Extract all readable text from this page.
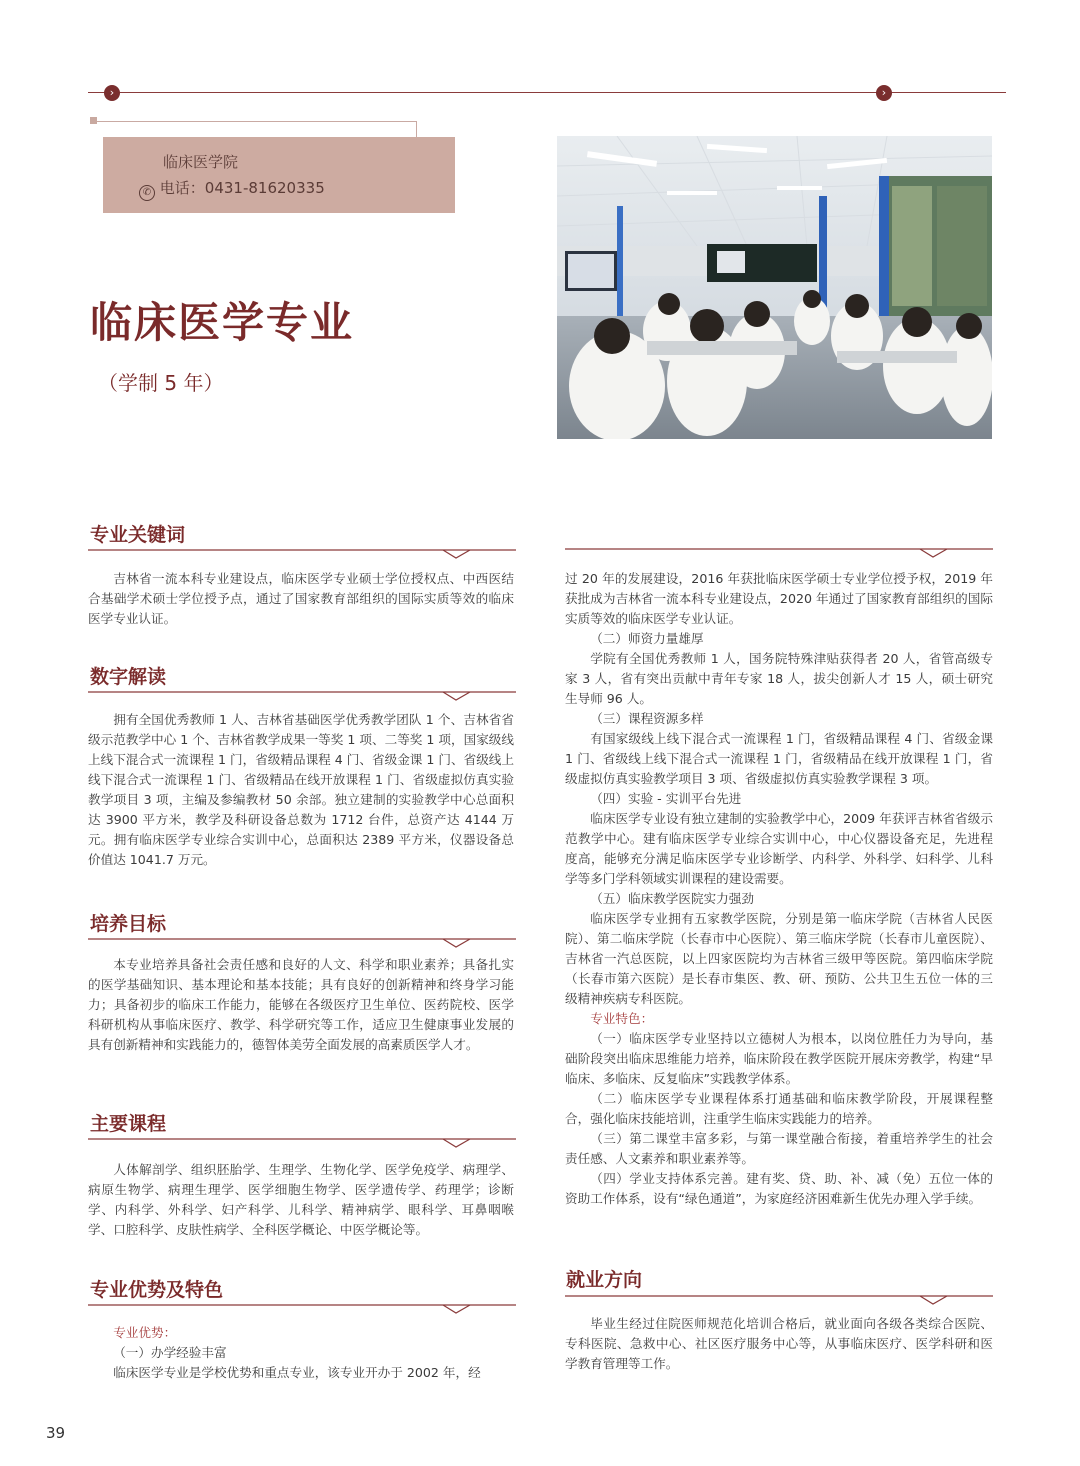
›	›
临床医学院
✆ 电话：0431-81620335
临床医学专业
（学制 5 年）
专业关键词

吉林省一流本科专业建设点，临床医学专业硕士学位授权点、中西医结合基础学术硕士学位授予点，通过了国家教育部组织的国际实质等效的临床医学专业认证。

数字解读

拥有全国优秀教师 1 人、吉林省基础医学优秀教学团队 1 个、吉林省省级示范教学中心 1 个、吉林省教学成果一等奖 1 项、二等奖 1 项，国家级线上线下混合式一流课程 1 门，省级精品课程 4 门、省级金课 1 门、省级线上线下混合式一流课程 1 门、省级精品在线开放课程 1 门、省级虚拟仿真实验教学项目 3 项，主编及参编教材 50 余部。独立建制的实验教学中心总面积达 3900 平方米，教学及科研设备总数为 1712 台件，总资产达 4144 万元。拥有临床医学专业综合实训中心，总面积达 2389 平方米，仪器设备总价值达 1041.7 万元。

培养目标

本专业培养具备社会责任感和良好的人文、科学和职业素养；具备扎实的医学基础知识、基本理论和基本技能；具有良好的创新精神和终身学习能力；具备初步的临床工作能力，能够在各级医疗卫生单位、医药院校、医学科研机构从事临床医疗、教学、科学研究等工作，适应卫生健康事业发展的具有创新精神和实践能力的，德智体美劳全面发展的高素质医学人才。

主要课程

人体解剖学、组织胚胎学、生理学、生物化学、医学免疫学、病理学、病原生物学、病理生理学、医学细胞生物学、医学遗传学、药理学；诊断学、内科学、外科学、妇产科学、儿科学、精神病学、眼科学、耳鼻咽喉学、口腔科学、皮肤性病学、全科医学概论、中医学概论等。

专业优势及特色

专业优势：

（一）办学经验丰富

临床医学专业是学校优势和重点专业，该专业开办于 2002 年，经

过 20 年的发展建设，2016 年获批临床医学硕士专业学位授予权，2019 年获批成为吉林省一流本科专业建设点，2020 年通过了国家教育部组织的国际实质等效的临床医学专业认证。

（二）师资力量雄厚

学院有全国优秀教师 1 人，国务院特殊津贴获得者 20 人，省管高级专家 3 人，省有突出贡献中青年专家 18 人，拔尖创新人才 15 人，硕士研究生导师 96 人。

（三）课程资源多样

有国家级线上线下混合式一流课程 1 门，省级精品课程 4 门、省级金课 1 门、省级线上线下混合式一流课程 1 门，省级精品在线开放课程 1 门，省级虚拟仿真实验教学项目 3 项、省级虚拟仿真实验教学课程 3 项。

（四）实验 - 实训平台先进

临床医学专业设有独立建制的实验教学中心，2009 年获评吉林省省级示范教学中心。建有临床医学专业综合实训中心，中心仪器设备充足，先进程度高，能够充分满足临床医学专业诊断学、内科学、外科学、妇科学、儿科学等多门学科领域实训课程的建设需要。

（五）临床教学医院实力强劲

临床医学专业拥有五家教学医院，分别是第一临床学院（吉林省人民医院）、第二临床学院（长春市中心医院）、第三临床学院（长春市儿童医院）、吉林省一汽总医院，以上四家医院均为吉林省三级甲等医院。第四临床学院（长春市第六医院）是长春市集医、教、研、预防、公共卫生五位一体的三级精神疾病专科医院。

专业特色：

（一）临床医学专业坚持以立德树人为根本，以岗位胜任力为导向，基础阶段突出临床思维能力培养，临床阶段在教学医院开展床旁教学，构建“早临床、多临床、反复临床”实践教学体系。

（二）临床医学专业课程体系打通基础和临床教学阶段，开展课程整合，强化临床技能培训，注重学生临床实践能力的培养。

（三）第二课堂丰富多彩，与第一课堂融合衔接，着重培养学生的社会责任感、人文素养和职业素养等。

（四）学业支持体系完善。建有奖、贷、助、补、减（免）五位一体的资助工作体系，设有“绿色通道”，为家庭经济困难新生优先办理入学手续。

就业方向

毕业生经过住院医师规范化培训合格后，就业面向各级各类综合医院、专科医院、急救中心、社区医疗服务中心等，从事临床医疗、医学科研和医学教育管理等工作。

39
